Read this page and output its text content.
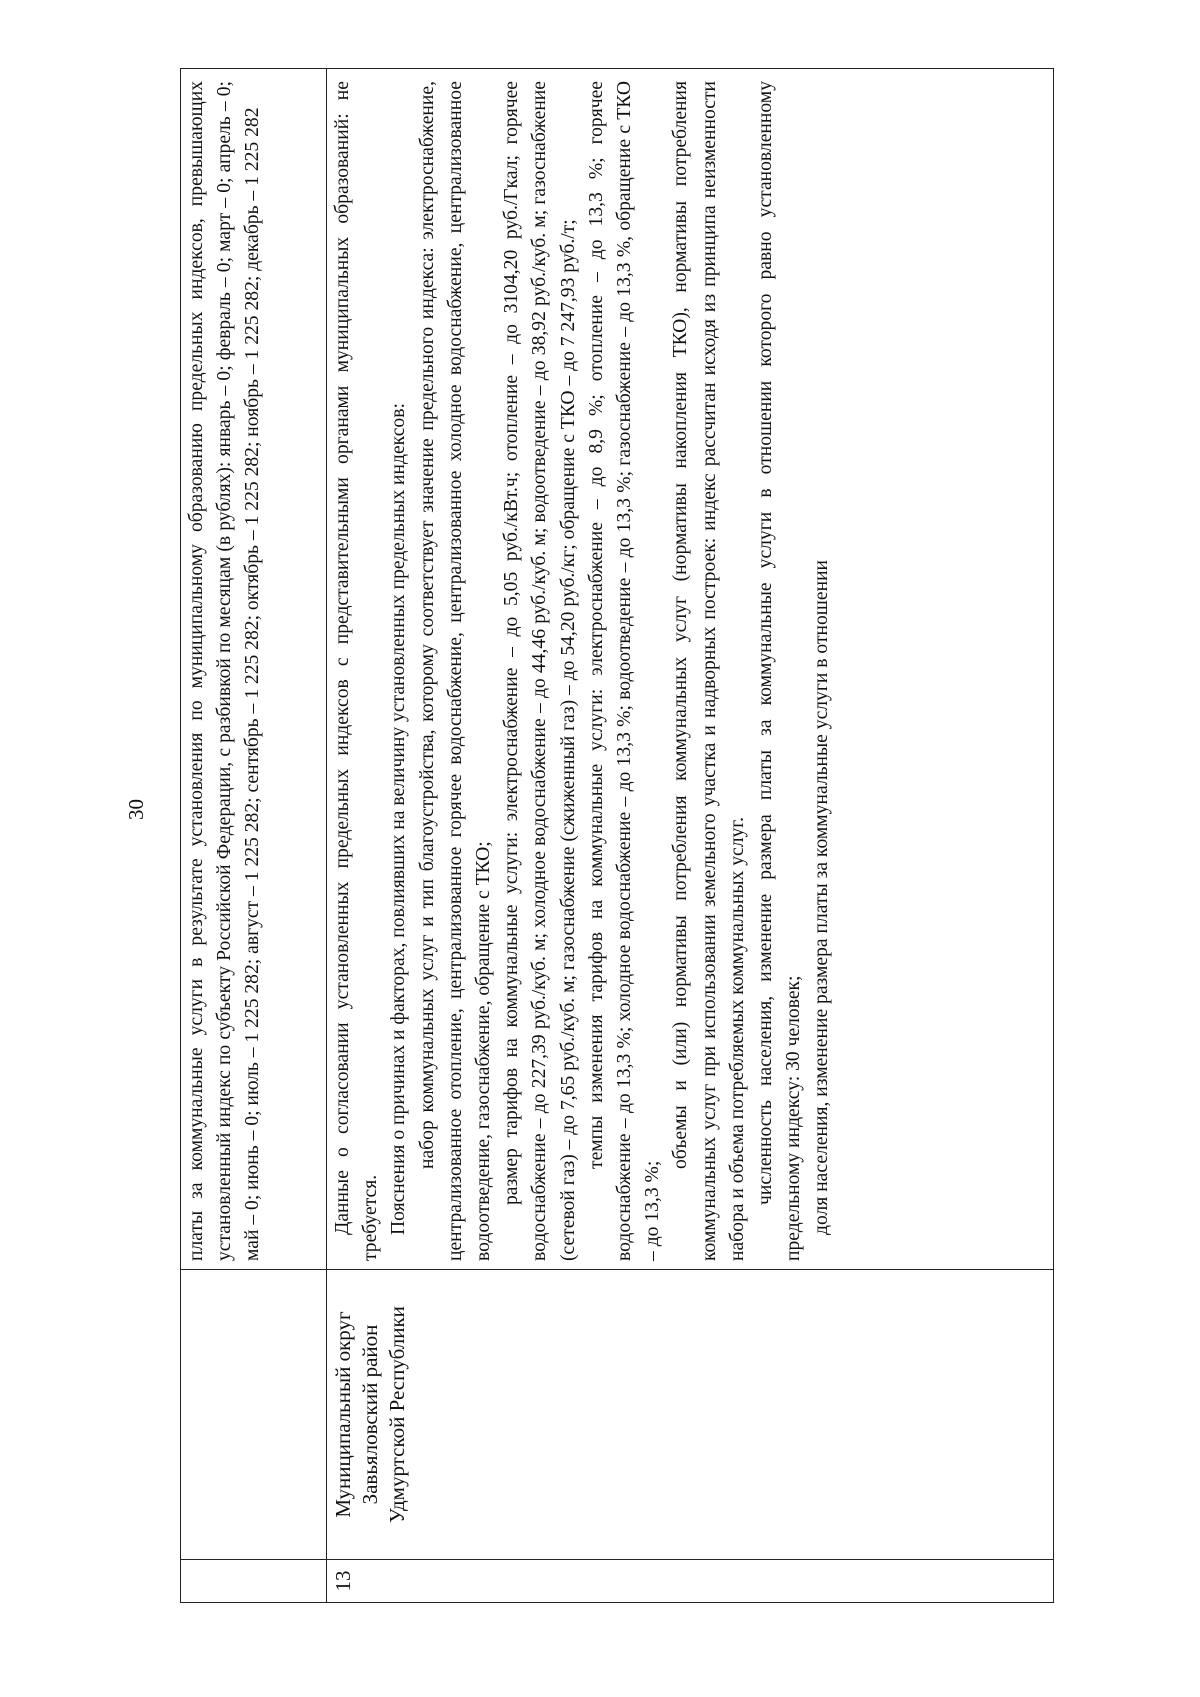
30 платы за коммунальные услуги в результате установления по муниципальному образованию предельных индексов, превышающих установленный индекс по субъекту Российской Федерации, с разбивкой по месяцам (в рублях): январь – 0; февраль – 0; март – 0; апрель – 0; май – 0; июнь – 0; июль – 1 225 282; август – 1 225 282; сентябрь – 1 225 282; октябрь – 1 225 282; ноябрь – 1 225 282; декабрь – 1 225 282

13
Муниципальный округ Завьяловский район Удмуртской Республики

Данные о согласовании установленных предельных индексов с представительными органами муниципальных образований: не требуется. Пояснения о причинах и факторах, повлиявших на величину установленных предельных индексов: набор коммунальных услуг и тип благоустройства, которому соответствует значение предельного индекса: электроснабжение, централизованное отопление, централизованное горячее водоснабжение, централизованное холодное водоснабжение, централизованное водоотведение, газоснабжение, обращение с ТКО; размер тарифов на коммунальные услуги: электроснабжение – до 5,05 руб./кВт.ч; отопление – до 3104,20 руб./Гкал; горячее водоснабжение – до 227,39 руб./куб. м; холодное водоснабжение – до 44,46 руб./куб. м; водоотведение – до 38,92 руб./куб. м; газоснабжение (сетевой газ) – до 7,65 руб./куб. м; газоснабжение (сжиженный газ) – до 54,20 руб./кг; обращение с ТКО – до 7 247,93 руб./т; темпы изменения тарифов на коммунальные услуги: электроснабжение – до 8,9 %; отопление – до 13,3 %; горячее водоснабжение – до 13,3 %; холодное водоснабжение – до 13,3 %; водоотведение – до 13,3 %; газоснабжение – до 13,3 %, обращение с ТКО – до 13,3 %;

объемы и (или) нормативы потребления коммунальных услуг (нормативы накопления ТКО), нормативы потребления коммунальных услуг при использовании земельного участка и надворных построек: индекс рассчитан исходя из принципа неизменности набора и объема потребляемых коммунальных услуг. численность населения, изменение размера платы за коммунальные услуги в отношении которого равно установленному предельному индексу: 30 человек; доля населения, изменение размера платы за коммунальные услуги в отношении
